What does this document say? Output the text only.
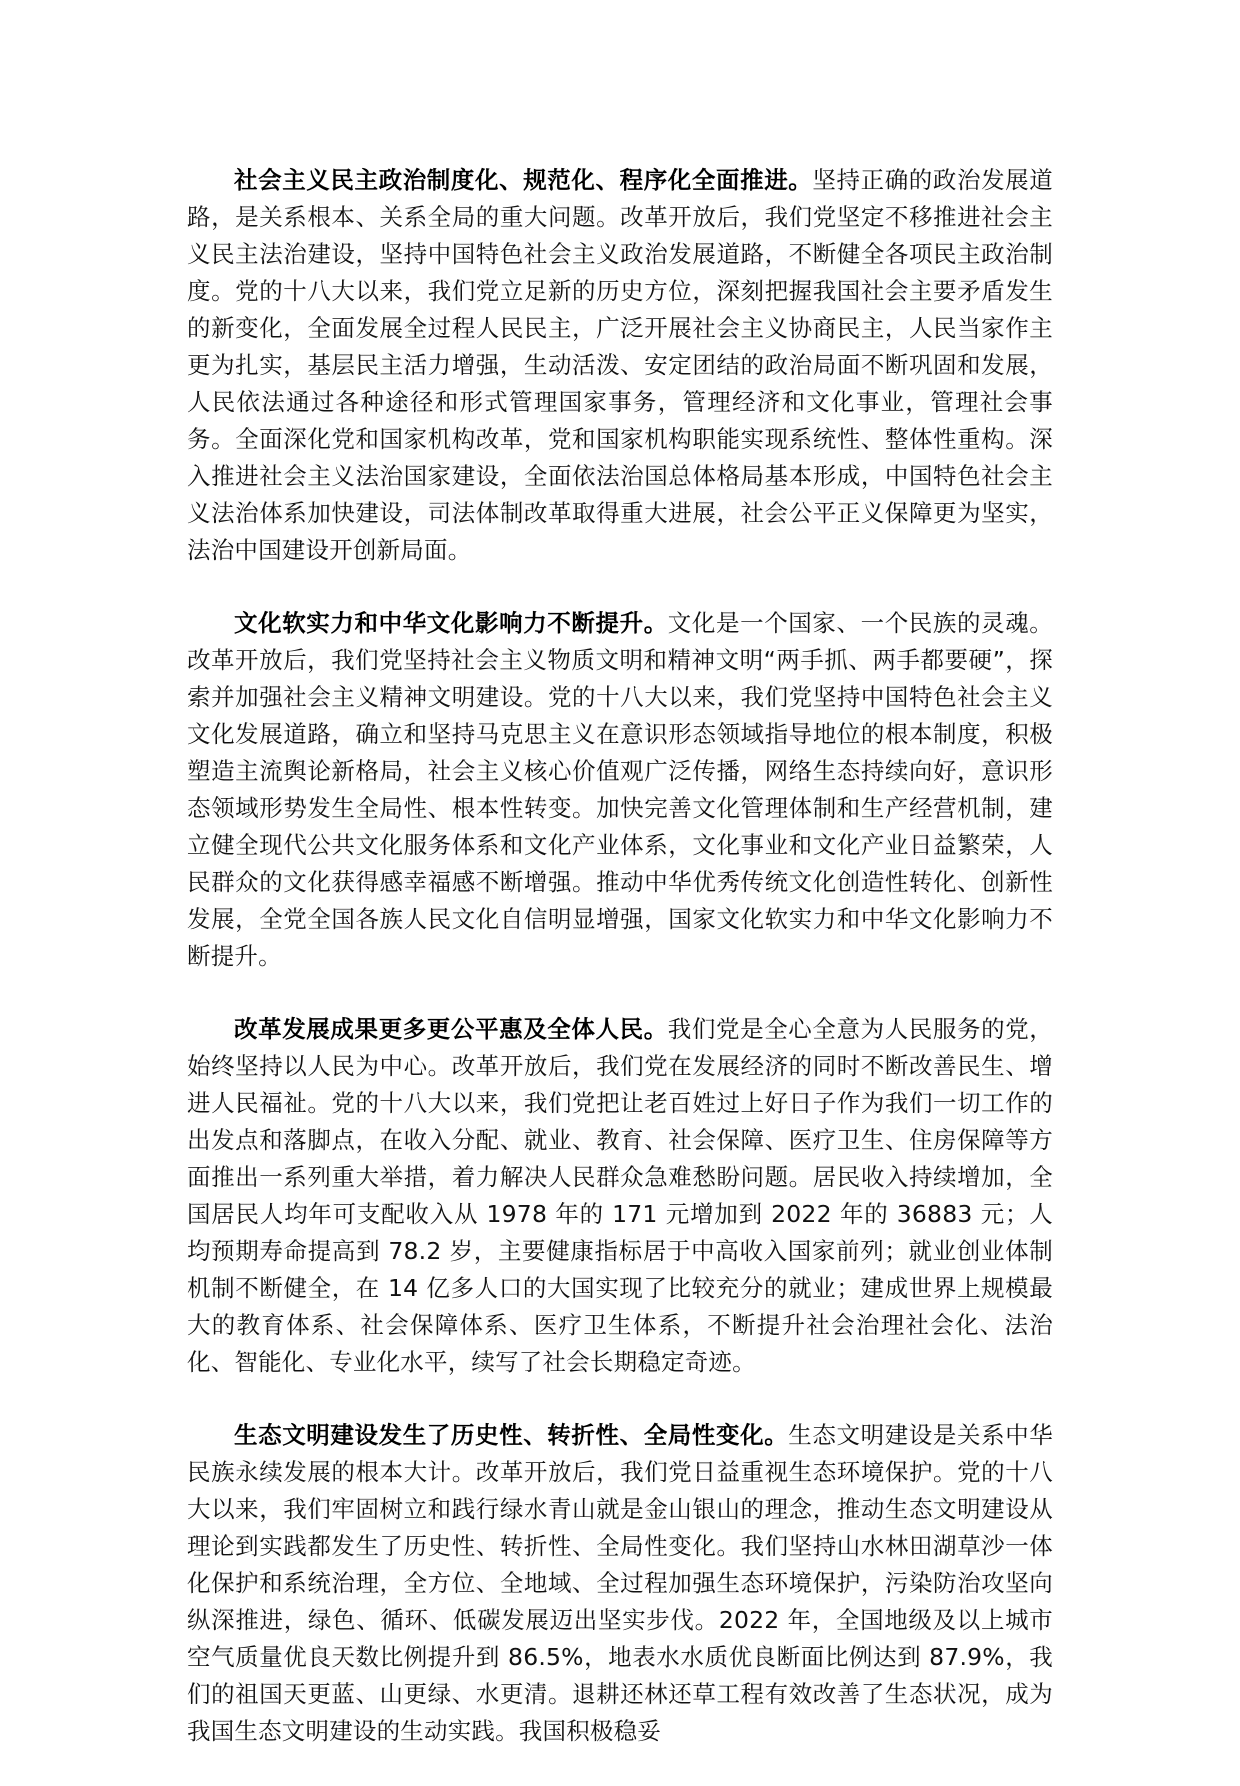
社会主义民主政治制度化、规范化、程序化全面推进。坚持正确的政治发展道路，是关系根本、关系全局的重大问题。改革开放后，我们党坚定不移推进社会主义民主法治建设，坚持中国特色社会主义政治发展道路，不断健全各项民主政治制度。党的十八大以来，我们党立足新的历史方位，深刻把握我国社会主要矛盾发生的新变化，全面发展全过程人民民主，广泛开展社会主义协商民主，人民当家作主更为扎实，基层民主活力增强，生动活泼、安定团结的政治局面不断巩固和发展，人民依法通过各种途径和形式管理国家事务，管理经济和文化事业，管理社会事务。全面深化党和国家机构改革，党和国家机构职能实现系统性、整体性重构。深入推进社会主义法治国家建设，全面依法治国总体格局基本形成，中国特色社会主义法治体系加快建设，司法体制改革取得重大进展，社会公平正义保障更为坚实，法治中国建设开创新局面。

文化软实力和中华文化影响力不断提升。文化是一个国家、一个民族的灵魂。改革开放后，我们党坚持社会主义物质文明和精神文明“两手抓、两手都要硬”，探索并加强社会主义精神文明建设。党的十八大以来，我们党坚持中国特色社会主义文化发展道路，确立和坚持马克思主义在意识形态领域指导地位的根本制度，积极塑造主流舆论新格局，社会主义核心价值观广泛传播，网络生态持续向好，意识形态领域形势发生全局性、根本性转变。加快完善文化管理体制和生产经营机制，建立健全现代公共文化服务体系和文化产业体系，文化事业和文化产业日益繁荣，人民群众的文化获得感幸福感不断增强。推动中华优秀传统文化创造性转化、创新性发展，全党全国各族人民文化自信明显增强，国家文化软实力和中华文化影响力不断提升。

改革发展成果更多更公平惠及全体人民。我们党是全心全意为人民服务的党，始终坚持以人民为中心。改革开放后，我们党在发展经济的同时不断改善民生、增进人民福祉。党的十八大以来，我们党把让老百姓过上好日子作为我们一切工作的出发点和落脚点，在收入分配、就业、教育、社会保障、医疗卫生、住房保障等方面推出一系列重大举措，着力解决人民群众急难愁盼问题。居民收入持续增加，全国居民人均年可支配收入从 1978 年的 171 元增加到 2022 年的 36883 元；人均预期寿命提高到 78.2 岁，主要健康指标居于中高收入国家前列；就业创业体制机制不断健全，在 14 亿多人口的大国实现了比较充分的就业；建成世界上规模最大的教育体系、社会保障体系、医疗卫生体系，不断提升社会治理社会化、法治化、智能化、专业化水平，续写了社会长期稳定奇迹。

生态文明建设发生了历史性、转折性、全局性变化。生态文明建设是关系中华民族永续发展的根本大计。改革开放后，我们党日益重视生态环境保护。党的十八大以来，我们牢固树立和践行绿水青山就是金山银山的理念，推动生态文明建设从理论到实践都发生了历史性、转折性、全局性变化。我们坚持山水林田湖草沙一体化保护和系统治理，全方位、全地域、全过程加强生态环境保护，污染防治攻坚向纵深推进，绿色、循环、低碳发展迈出坚实步伐。2022 年，全国地级及以上城市空气质量优良天数比例提升到 86.5%，地表水水质优良断面比例达到 87.9%，我们的祖国天更蓝、山更绿、水更清。退耕还林还草工程有效改善了生态状况，成为我国生态文明建设的生动实践。我国积极稳妥
